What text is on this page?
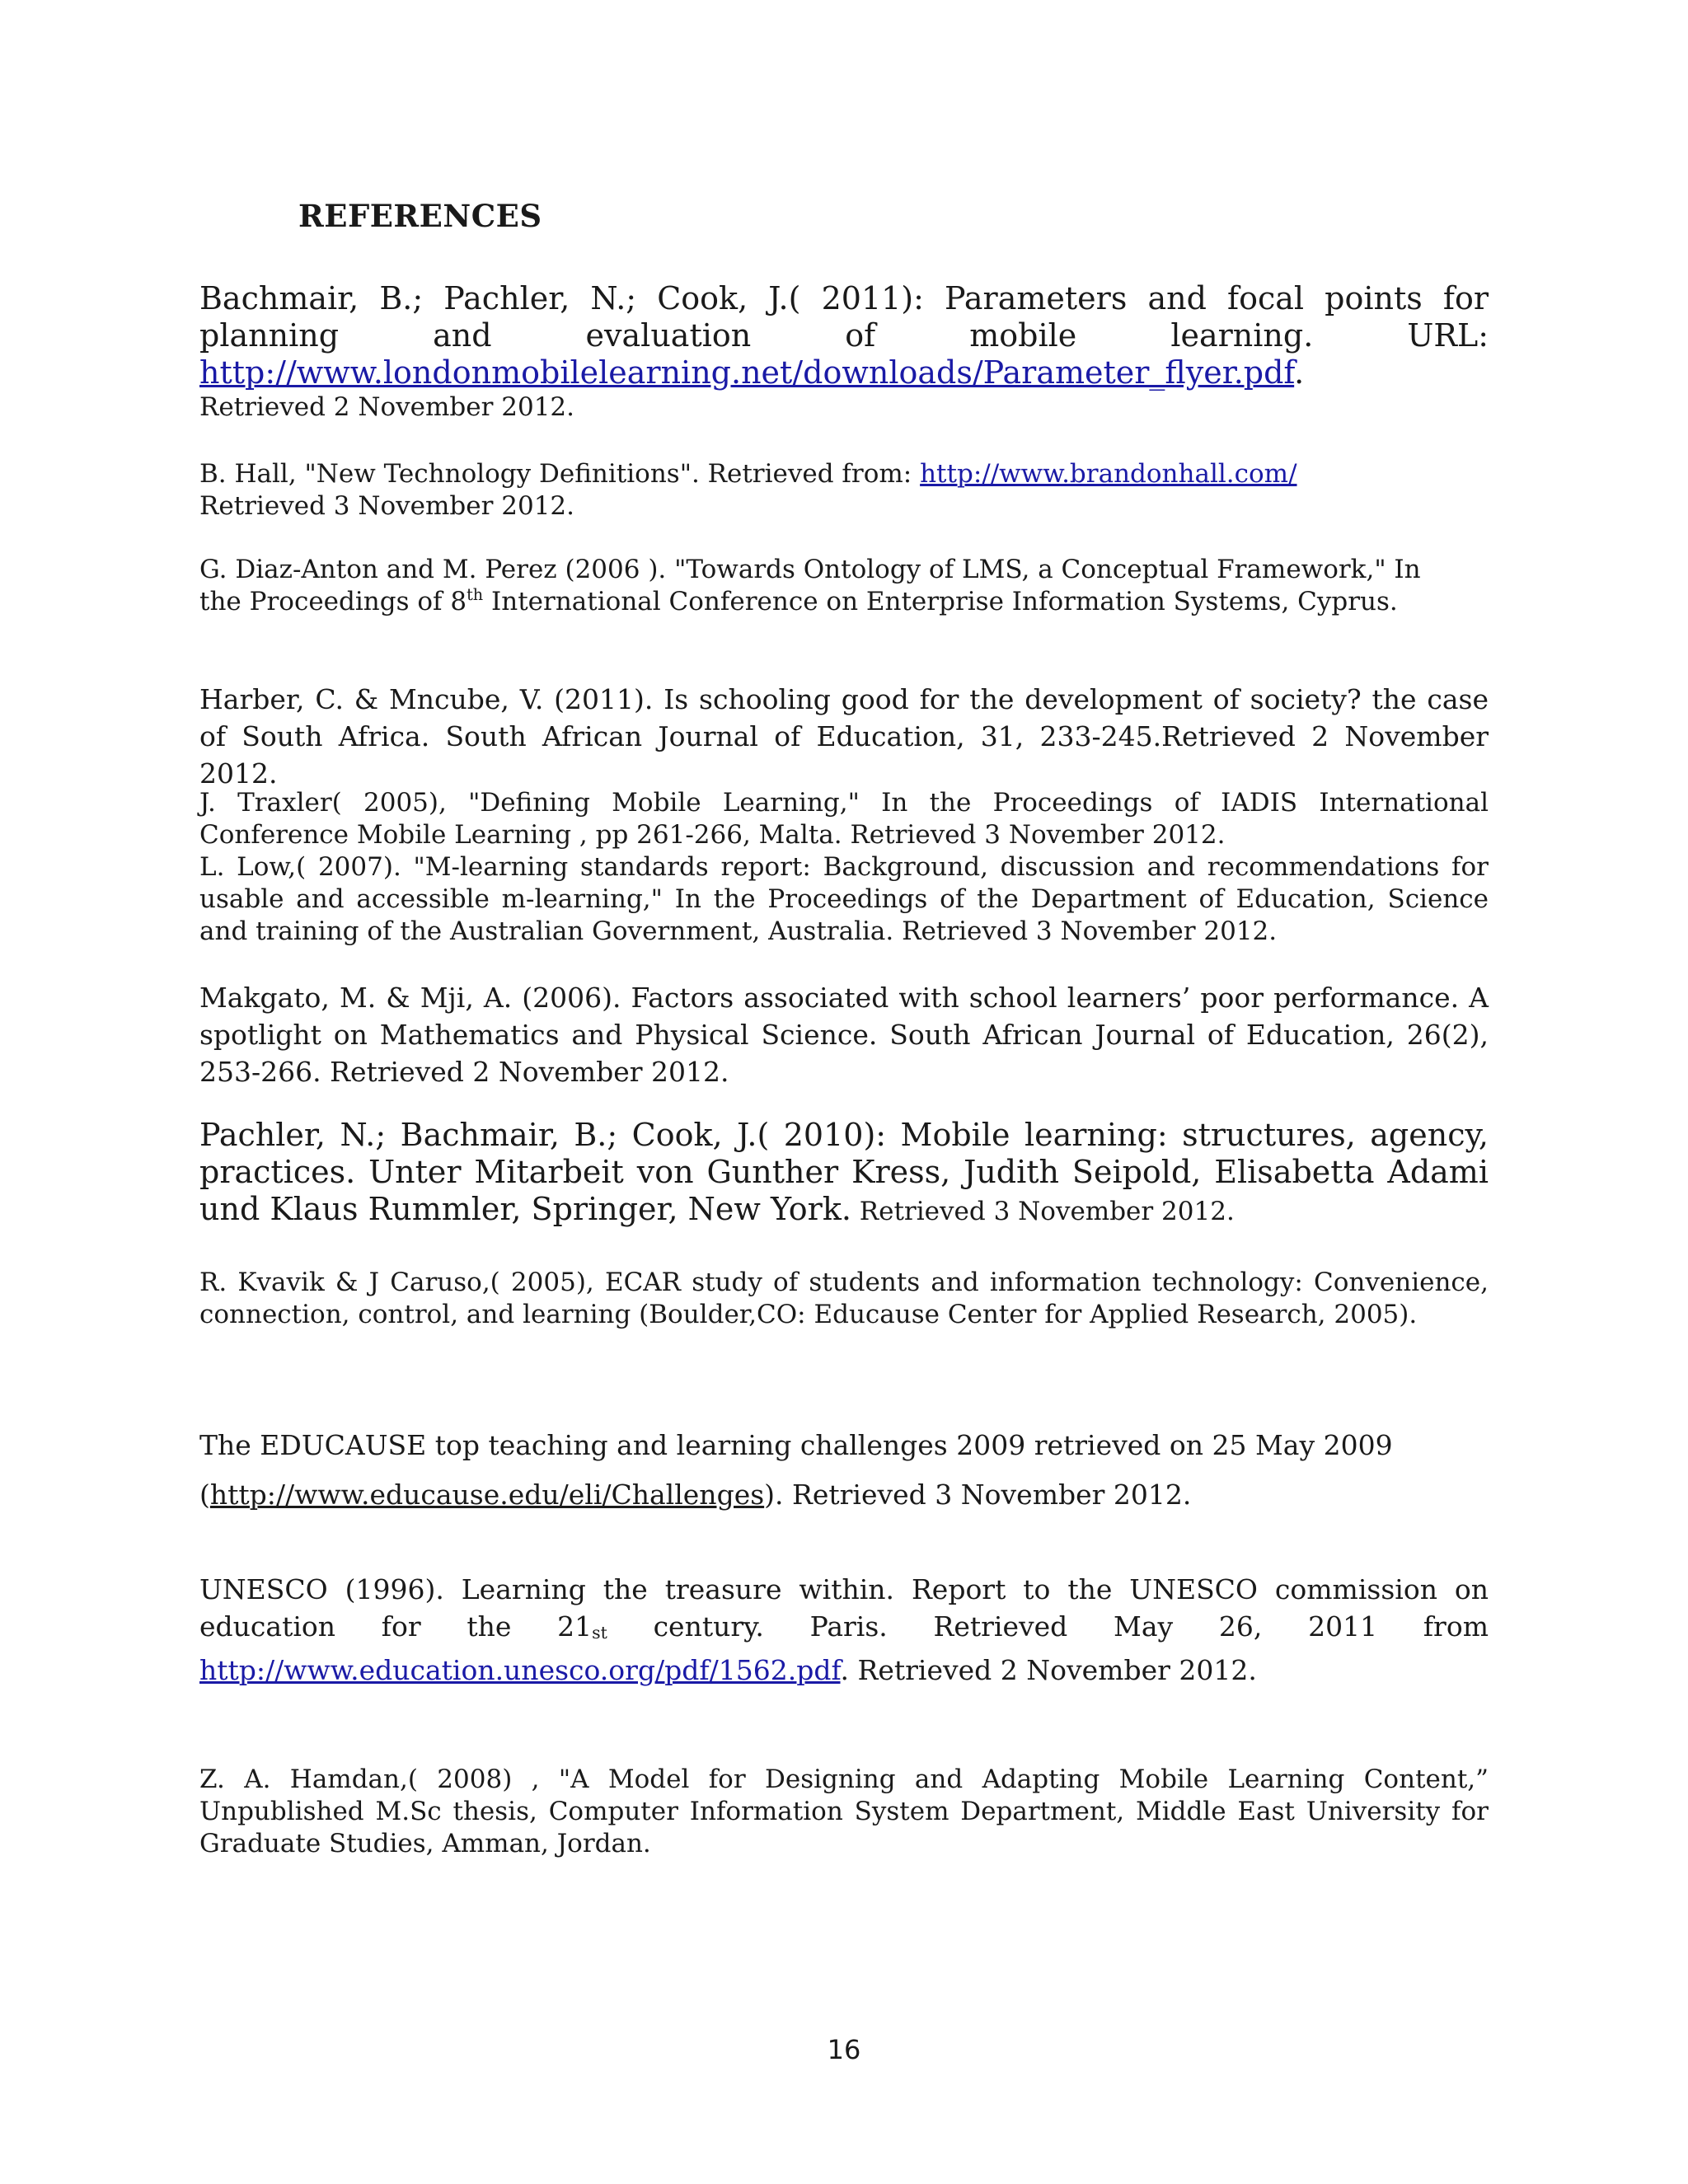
REFERENCES
Bachmair, B.; Pachler, N.; Cook, J.( 2011): Parameters and focal points for
planning and evaluation of mobile learning. URL:
http://www.londonmobilelearning.net/downloads/Parameter_flyer.pdf.
Retrieved 2 November 2012.
B. Hall, "New Technology Definitions". Retrieved from: http://www.brandonhall.com/
Retrieved 3 November 2012.
G. Diaz-Anton and M. Perez (2006 ). "Towards Ontology of LMS, a Conceptual Framework," In
the Proceedings of 8th International Conference on Enterprise Information Systems, Cyprus.
Harber, C. & Mncube, V. (2011). Is schooling good for the development of society? the case of South Africa. South African Journal of Education, 31, 233-245.Retrieved 2 November 2012.
J. Traxler( 2005), "Defining Mobile Learning," In the Proceedings of IADIS International Conference Mobile Learning , pp 261-266, Malta. Retrieved 3 November 2012.
L. Low,( 2007). "M-learning standards report: Background, discussion and recommendations for usable and accessible m-learning," In the Proceedings of the Department of Education, Science and training of the Australian Government, Australia. Retrieved 3 November 2012.
Makgato, M. & Mji, A. (2006). Factors associated with school learners’ poor performance. A spotlight on Mathematics and Physical Science. South African Journal of Education, 26(2), 253-266. Retrieved 2 November 2012.
Pachler, N.; Bachmair, B.; Cook, J.( 2010): Mobile learning: structures, agency, practices. Unter Mitarbeit von Gunther Kress, Judith Seipold, Elisabetta Adami und Klaus Rummler, Springer, New York. Retrieved 3 November 2012.
R. Kvavik & J Caruso,( 2005), ECAR study of students and information technology: Convenience, connection, control, and learning (Boulder,CO: Educause Center for Applied Research, 2005).
The EDUCAUSE top teaching and learning challenges 2009 retrieved on 25 May 2009
(http://www.educause.edu/eli/Challenges). Retrieved 3 November 2012.
UNESCO (1996). Learning the treasure within. Report to the UNESCO commission on
education for the 21st century. Paris. Retrieved May 26, 2011 from
http://www.education.unesco.org/pdf/1562.pdf. Retrieved 2 November 2012.
Z. A. Hamdan,( 2008) , "A Model for Designing and Adapting Mobile Learning Content,” Unpublished M.Sc thesis, Computer Information System Department, Middle East University for Graduate Studies, Amman, Jordan.
16
